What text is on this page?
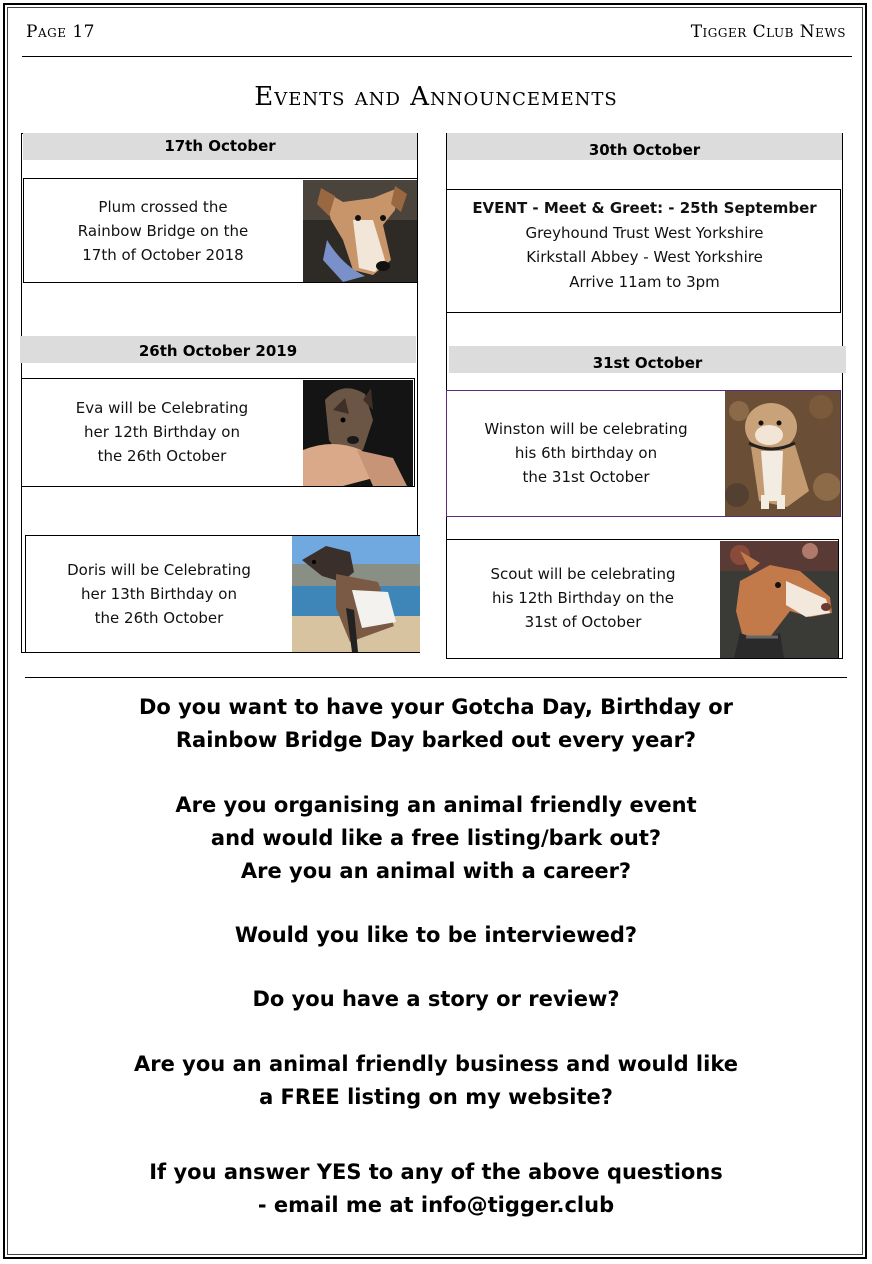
Page 17	Tigger Club News
Events and Announcements
17th October
Plum crossed the
Rainbow Bridge on the
17th of October 2018
26th October 2019
Eva will be Celebrating
her 12th Birthday on
the 26th October
Doris will be Celebrating
her 13th Birthday on
the 26th October
30th October
EVENT - Meet & Greet: - 25th September
Greyhound Trust West Yorkshire
Kirkstall Abbey - West Yorkshire
Arrive 11am to 3pm
31st October
Winston will be celebrating
his 6th birthday on
the 31st October
Scout will be celebrating
his 12th Birthday on the
31st of October
Do you want to have your Gotcha Day, Birthday or
Rainbow Bridge Day barked out every year?
Are you organising an animal friendly event
and would like a free listing/bark out?
Are you an animal with a career?
Would you like to be interviewed?
Do you have a story or review?
Are you an animal friendly business and would like
a FREE listing on my website?
If you answer YES to any of the above questions
- email me at info@tigger.club
